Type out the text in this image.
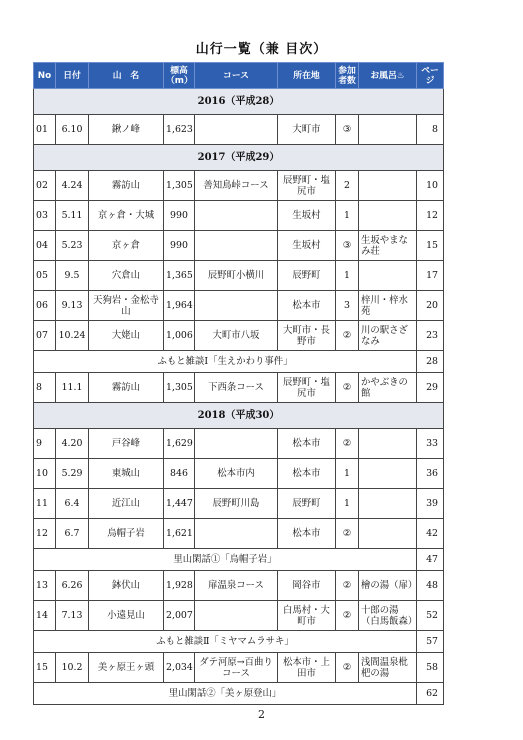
山行一覧（兼 目次）
No	日付	山　名	標高（m）	コース	所在地	参加者数	お風呂♨	ページ
2016（平成28）								
01	6.10	鍬ノ峰	1,623		大町市	③		8
2017（平成29）								
02	4.24	霧訪山	1,305	善知鳥峠コース	辰野町・塩尻市	2		10
03	5.11	京ヶ倉・大城	990		生坂村	1		12
04	5.23	京ヶ倉	990		生坂村	③	生坂やまなみ荘	15
05	9.5	穴倉山	1,365	辰野町小横川	辰野町	1		17
06	9.13	天狗岩・金松寺山	1,964		松本市	3	梓川・梓水苑	20
07	10.24	大姥山	1,006	大町市八坂	大町市・長野市	②	川の駅さざなみ	23
ふもと雑談Ⅰ「生えかわり事件」								28
8	11.1	霧訪山	1,305	下西条コース	辰野町・塩尻市	②	かやぶきの館	29
2018（平成30）								
9	4.20	戸谷峰	1,629		松本市	②		33
10	5.29	東城山	846	松本市内	松本市	1		36
11	6.4	近江山	1,447	辰野町川島	辰野町	1		39
12	6.7	烏帽子岩	1,621		松本市	②		42
里山閑話①「烏帽子岩」								47
13	6.26	鉢伏山	1,928	扉温泉コース	岡谷市	②	檜の湯（扉）	48
14	7.13	小遠見山	2,007		白馬村・大町市	②	十郎の湯（白馬飯森）	52
ふもと雑談Ⅱ「ミヤマムラサキ」								57
15	10.2	美ヶ原王ヶ頭	2,034	ダテ河原→百曲りコース	松本市・上田市	②	浅間温泉枇杷の湯	58
里山閑話②「美ヶ原登山」								62
2
